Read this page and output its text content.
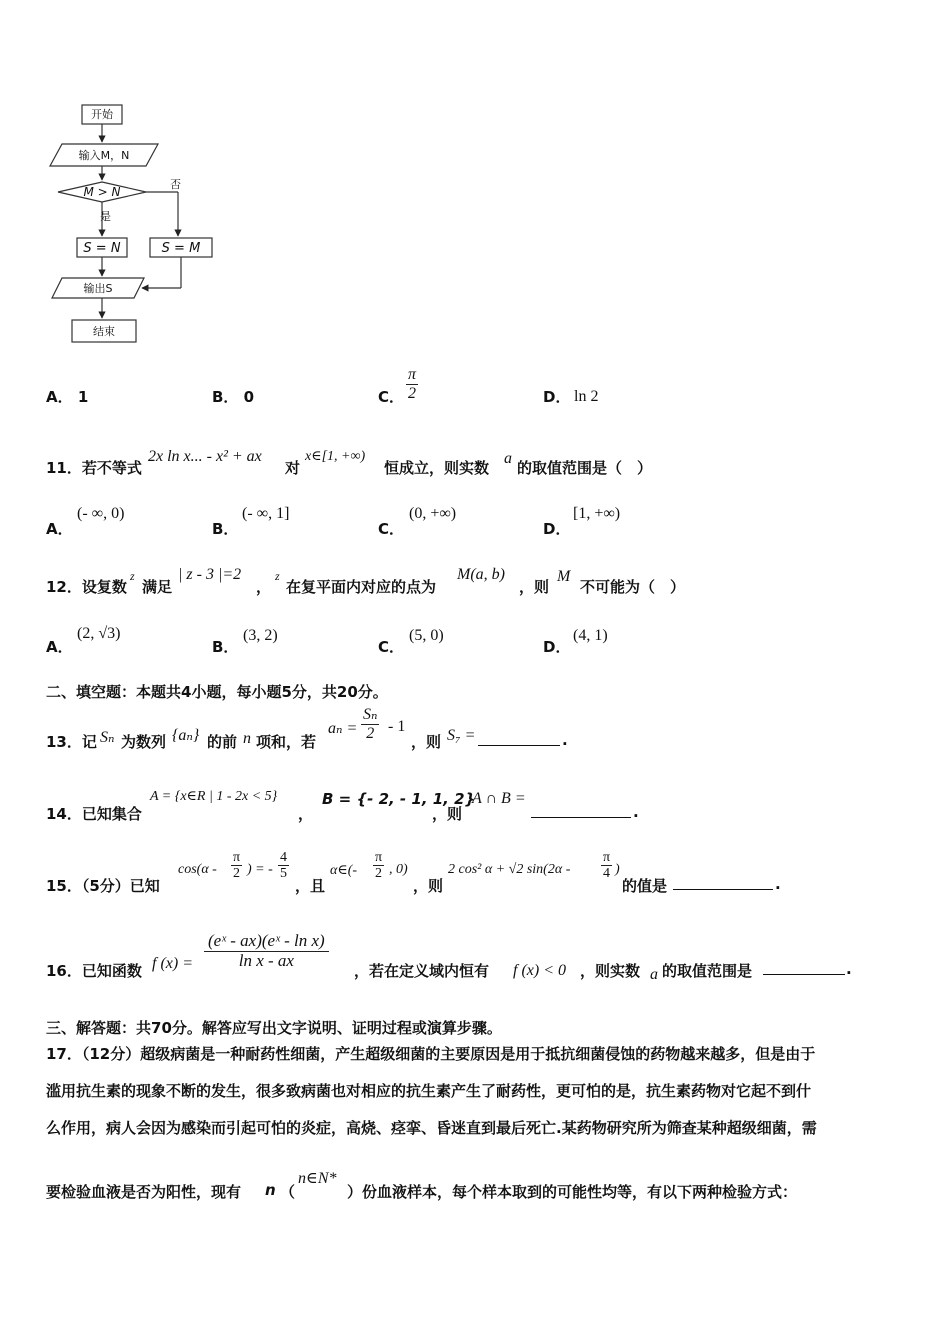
开始
输入M，N
M > N
否
是
S = N	S = M
输出S
结束
A． 1	B． 0	C． $\frac{\pi}{2}$	D． ln 2
11．若不等式
2x ln x... - x² + ax
对
x∈[1, +∞)
恒成立，则实数
a
的取值范围是（　）
A．
(- ∞, 0)
B．
(- ∞, 1]
C．
(0, +∞)
D．
[1, +∞)
12．设复数
z
满足
| z - 3 |=2
，
z
在复平面内对应的点为
M(a, b)
，则
M
不可能为（　）
A．
(2, √3)
B．
(3, 2)
C．
(5, 0)
D．
(4, 1)
二、填空题：本题共4小题，每小题5分，共20分。
13．记 Sₙ 为数列 {aₙ} 的前 n 项和，若
$a_n = \frac{\text{Sₙ}}{2} - 1$
，则 S₇ =	.
14．已知集合
A = {x∈R | 1 - 2x < 5}
，
B = {- 2, - 1, 1, 2}
，则
A ∩ B =
.
15．（5分）已知
$\cos(\alpha - \frac{\pi}{2}$ ) = - $\frac{4}{5}$
，且
α∈(- $\frac{\pi}{2}$ , 0)
，则
2 cos² α + √2 $\sin(2\alpha - \frac{\pi}{4}$ )
的值是	.
16．已知函数 f $(x) = \frac{\text{(eˣ - ax)(eˣ - ln x)}}{\text{ln x - ax}}$
，若在定义域内恒有 f (x) < 0 ，则实数 a 的取值范围是	.
三、解答题：共70分。解答应写出文字说明、证明过程或演算步骤。
17．（12分）超级病菌是一种耐药性细菌，产生超级细菌的主要原因是用于抵抗细菌侵蚀的药物越来越多，但是由于
滥用抗生素的现象不断的发生，很多致病菌也对相应的抗生素产生了耐药性，更可怕的是，抗生素药物对它起不到什
么作用，病人会因为感染而引起可怕的炎症，高烧、痉挛、昏迷直到最后死亡.某药物研究所为筛查某种超级细菌，需
要检验血液是否为阳性，现有 n （
n∈N*
）份血液样本，每个样本取到的可能性均等，有以下两种检验方式：
